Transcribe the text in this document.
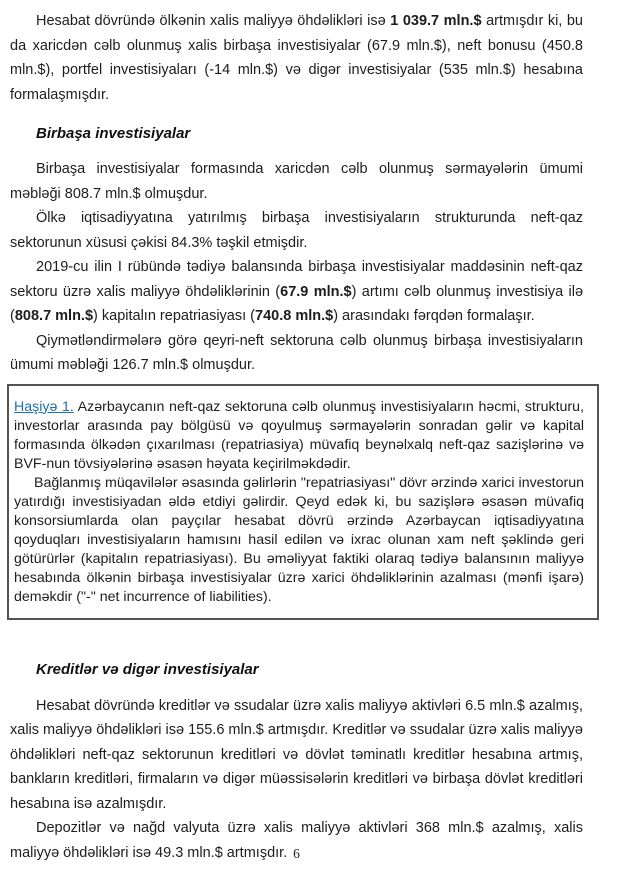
Hesabat dövründə ölkənin xalis maliyyə öhdəlikləri isə 1 039.7 mln.$ artmışdır ki, bu da xaricdən cəlb olunmuş xalis birbaşa investisiyalar (67.9 mln.$), neft bonusu (450.8 mln.$), portfel investisiyaları (-14 mln.$) və digər investisiyalar (535 mln.$) hesabına formalaşmışdır.

Birbaşa investisiyalar

Birbaşa investisiyalar formasında xaricdən cəlb olunmuş sərmayələrin ümumi məbləği 808.7 mln.$ olmuşdur.

Ölkə iqtisadiyyatına yatırılmış birbaşa investisiyaların strukturunda neft-qaz sektorunun xüsusi çəkisi 84.3% təşkil etmişdir.

2019-cu ilin I rübündə tədiyə balansında birbaşa investisiyalar maddəsinin neft-qaz sektoru üzrə xalis maliyyə öhdəliklərinin (67.9 mln.$) artımı cəlb olunmuş investisiya ilə (808.7 mln.$) kapitalın repatriasiyası (740.8 mln.$) arasındakı fərqdən formalaşır.

Qiymətləndirmələrə görə qeyri-neft sektoruna cəlb olunmuş birbaşa investisiyaların ümumi məbləği 126.7 mln.$ olmuşdur.

Haşiyə 1. Azərbaycanın neft-qaz sektoruna cəlb olunmuş investisiyaların həcmi, strukturu, investorlar arasında pay bölgüsü və qoyulmuş sərmayələrin sonradan gəlir və kapital formasında ölkədən çıxarılması (repatriasiya) müvafiq beynəlxalq neft-qaz sazişlərinə və BVF-nun tövsiyələrinə əsasən həyata keçirilməkdədir.

Bağlanmış müqavilələr əsasında gəlirlərin "repatriasiyası" dövr ərzində xarici investorun yatırdığı investisiyadan əldə etdiyi gəlirdir. Qeyd edək ki, bu sazişlərə əsasən müvafiq konsorsiumlarda olan payçılar hesabat dövrü ərzində Azərbaycan iqtisadiyyatına qoyduqları investisiyaların hamısını hasil edilən və ixrac olunan xam neft şəklində geri götürürlər (kapitalın repatriasiyası). Bu əməliyyat faktiki olaraq tədiyə balansının maliyyə hesabında ölkənin birbaşa investisiyalar üzrə xarici öhdəliklərinin azalması (mənfi işarə) deməkdir ("-" net incurrence of liabilities).

Kreditlər və digər investisiyalar

Hesabat dövründə kreditlər və ssudalar üzrə xalis maliyyə aktivləri 6.5 mln.$ azalmış, xalis maliyyə öhdəlikləri isə 155.6 mln.$ artmışdır. Kreditlər və ssudalar üzrə xalis maliyyə öhdəlikləri neft-qaz sektorunun kreditləri və dövlət təminatlı kreditlər hesabına artmış, bankların kreditləri, firmaların və digər müəssisələrin kreditləri və birbaşa dövlət kreditləri hesabına isə azalmışdır.

Depozitlər və nağd valyuta üzrə xalis maliyyə aktivləri 368 mln.$ azalmış, xalis maliyyə öhdəlikləri isə 49.3 mln.$ artmışdır. 6
